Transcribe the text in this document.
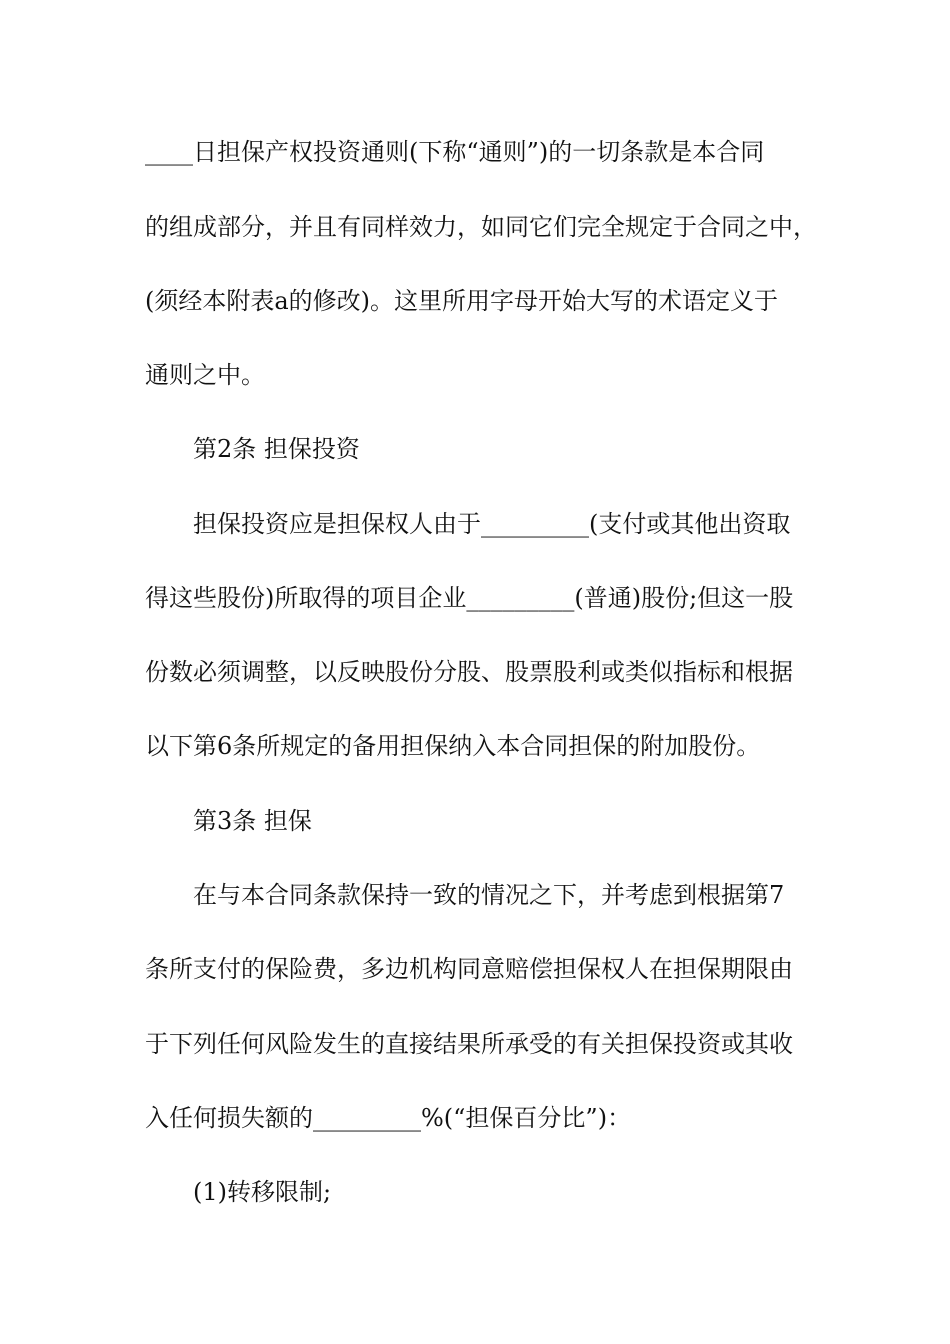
____日担保产权投资通则(下称“通则”)的一切条款是本合同
的组成部分，并且有同样效力，如同它们完全规定于合同之中，
(须经本附表a的修改)。这里所用字母开始大写的术语定义于
通则之中。
第2条 担保投资
担保投资应是担保权人由于_________(支付或其他出资取
得这些股份)所取得的项目企业_________(普通)股份;但这一股
份数必须调整，以反映股份分股、股票股利或类似指标和根据
以下第6条所规定的备用担保纳入本合同担保的附加股份。
第3条 担保
在与本合同条款保持一致的情况之下，并考虑到根据第7
条所支付的保险费，多边机构同意赔偿担保权人在担保期限由
于下列任何风险发生的直接结果所承受的有关担保投资或其收
入任何损失额的_________%(“担保百分比”)：
(1)转移限制;
